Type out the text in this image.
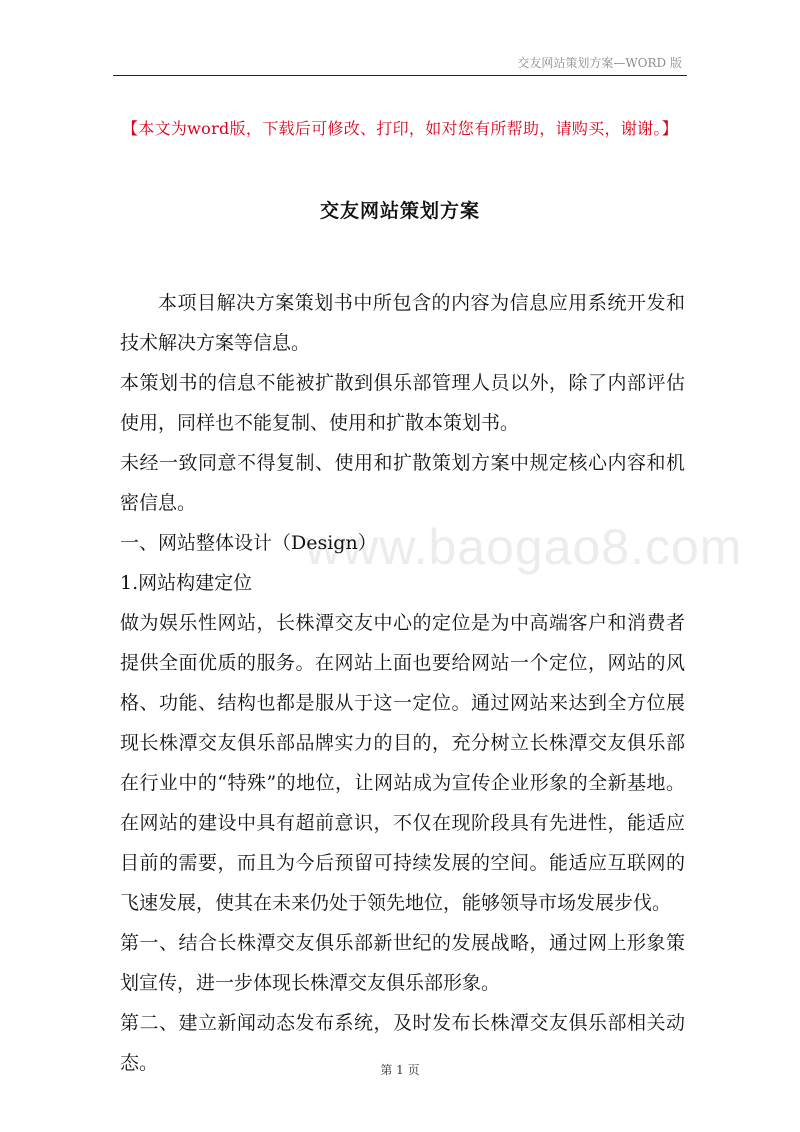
交友网站策划方案—WORD 版
www.baogao8.com
【本文为word版，下载后可修改、打印，如对您有所帮助，请购买，谢谢。】
交友网站策划方案

本项目解决方案策划书中所包含的内容为信息应用系统开发和技术解决方案等信息。

本策划书的信息不能被扩散到俱乐部管理人员以外，除了内部评估使用，同样也不能复制、使用和扩散本策划书。

未经一致同意不得复制、使用和扩散策划方案中规定核心内容和机密信息。

一、网站整体设计（Design）

1.网站构建定位

做为娱乐性网站，长株潭交友中心的定位是为中高端客户和消费者提供全面优质的服务。在网站上面也要给网站一个定位，网站的风格、功能、结构也都是服从于这一定位。通过网站来达到全方位展现长株潭交友俱乐部品牌实力的目的，充分树立长株潭交友俱乐部在行业中的“特殊”的地位，让网站成为宣传企业形象的全新基地。在网站的建设中具有超前意识，不仅在现阶段具有先进性，能适应目前的需要，而且为今后预留可持续发展的空间。能适应互联网的飞速发展，使其在未来仍处于领先地位，能够领导市场发展步伐。

第一、结合长株潭交友俱乐部新世纪的发展战略，通过网上形象策划宣传，进一步体现长株潭交友俱乐部形象。

第二、建立新闻动态发布系统，及时发布长株潭交友俱乐部相关动态。	第 1 页
